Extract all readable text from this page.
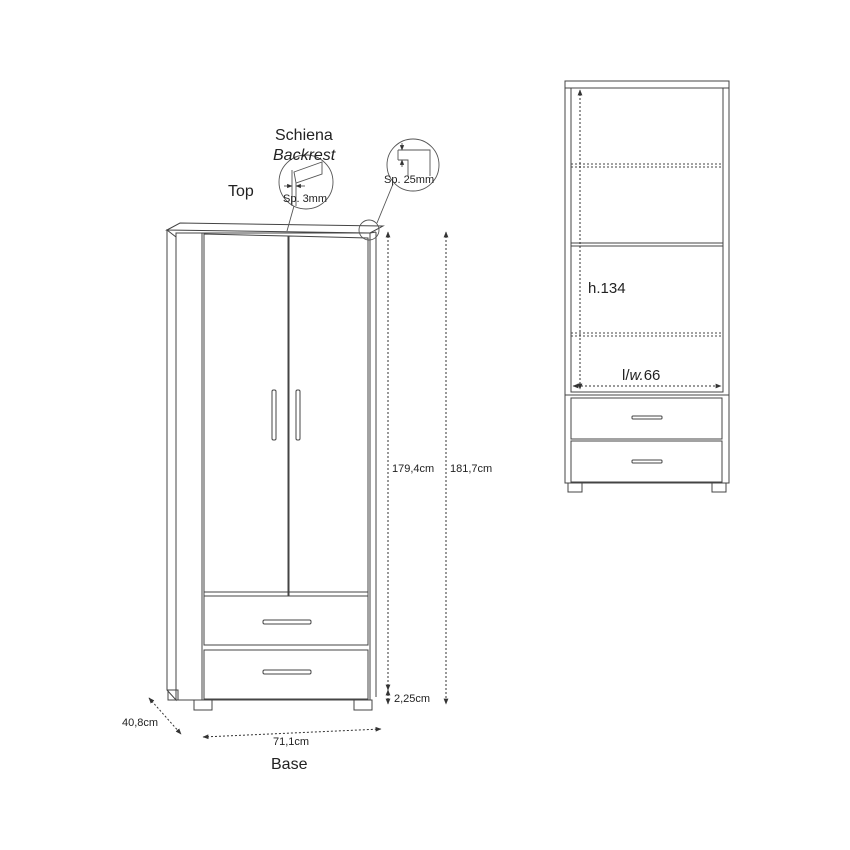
Schiena
Backrest
Top	Sp. 3mm
Sp. 25mm
Base
179,4cm 181,7cm
2,25cm
40,8cm
71,1cm
h.134
l/w.66
